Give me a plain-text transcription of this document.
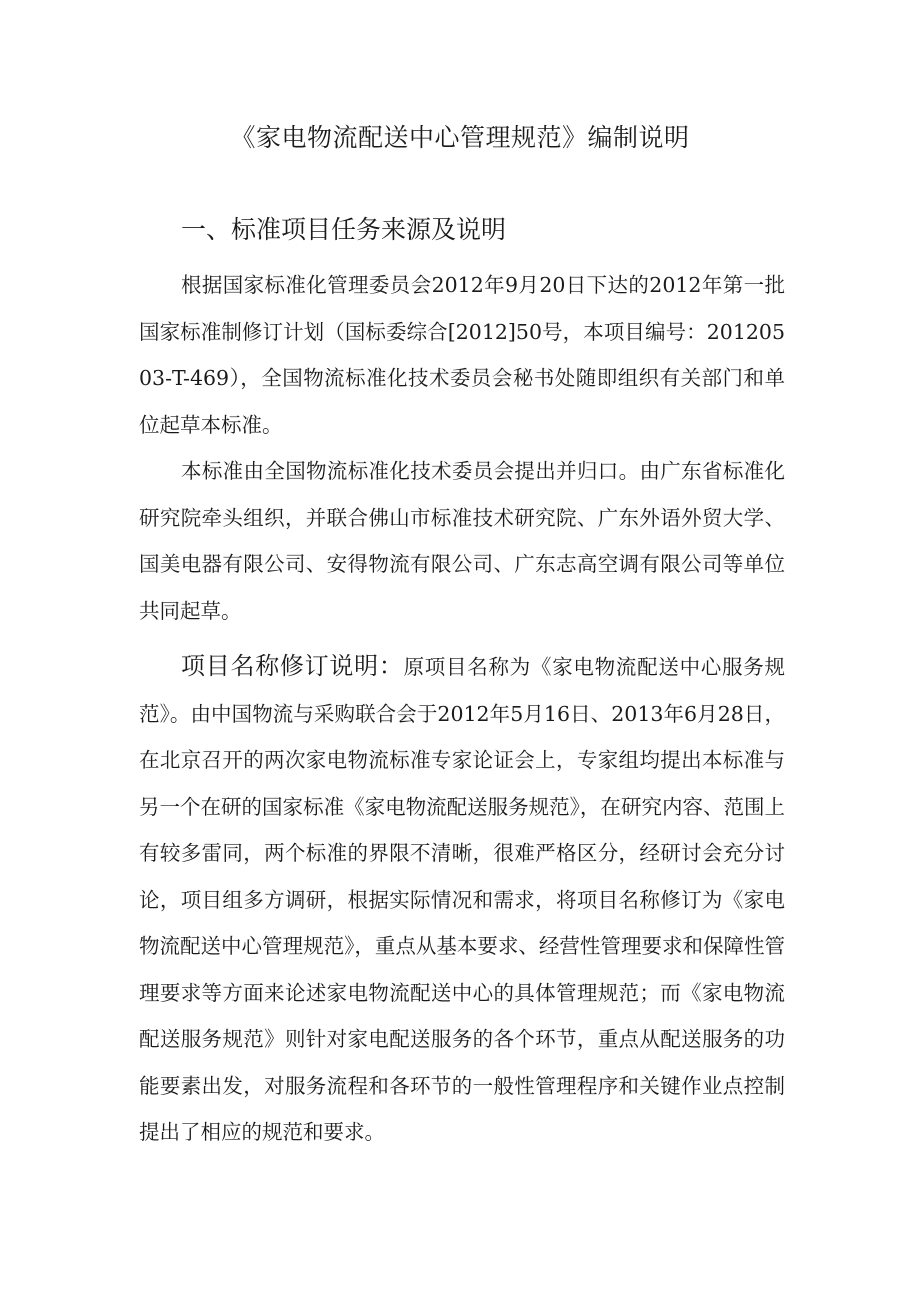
《家电物流配送中心管理规范》编制说明
一、标准项目任务来源及说明

根据国家标准化管理委员会2012年9月20日下达的2012年第一批国家标准制修订计划（国标委综合[2012]50号，本项目编号：20120503-T-469），全国物流标准化技术委员会秘书处随即组织有关部门和单位起草本标准。

本标准由全国物流标准化技术委员会提出并归口。由广东省标准化研究院牵头组织，并联合佛山市标准技术研究院、广东外语外贸大学、国美电器有限公司、安得物流有限公司、广东志高空调有限公司等单位共同起草。

项目名称修订说明：原项目名称为《家电物流配送中心服务规范》。由中国物流与采购联合会于2012年5月16日、2013年6月28日，在北京召开的两次家电物流标准专家论证会上，专家组均提出本标准与另一个在研的国家标准《家电物流配送服务规范》，在研究内容、范围上有较多雷同，两个标准的界限不清晰，很难严格区分，经研讨会充分讨论，项目组多方调研，根据实际情况和需求，将项目名称修订为《家电物流配送中心管理规范》，重点从基本要求、经营性管理要求和保障性管理要求等方面来论述家电物流配送中心的具体管理规范；而《家电物流配送服务规范》则针对家电配送服务的各个环节，重点从配送服务的功能要素出发，对服务流程和各环节的一般性管理程序和关键作业点控制提出了相应的规范和要求。
